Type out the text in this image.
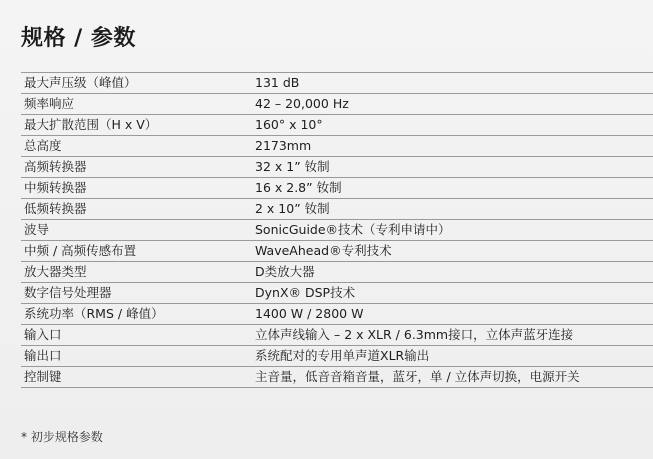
规格 / 参数
最大声压级（峰值）	131 dB
频率响应	42 – 20,000 Hz
最大扩散范围（H x V）	160° x 10°
总高度	2173mm
高频转换器	32 x 1” 钕制
中频转换器	16 x 2.8” 钕制
低频转换器	2 x 10” 钕制
波导	SonicGuide®技术（专利申请中）
中频 / 高频传感布置	WaveAhead®专利技术
放大器类型	D类放大器
数字信号处理器	DynX® DSP技术
系统功率（RMS / 峰值）	1400 W / 2800 W
输入口	立体声线输入 – 2 x XLR / 6.3mm接口，立体声蓝牙连接
输出口	系统配对的专用单声道XLR输出
控制键	主音量，低音音箱音量，蓝牙，单 / 立体声切换，电源开关
* 初步规格参数
